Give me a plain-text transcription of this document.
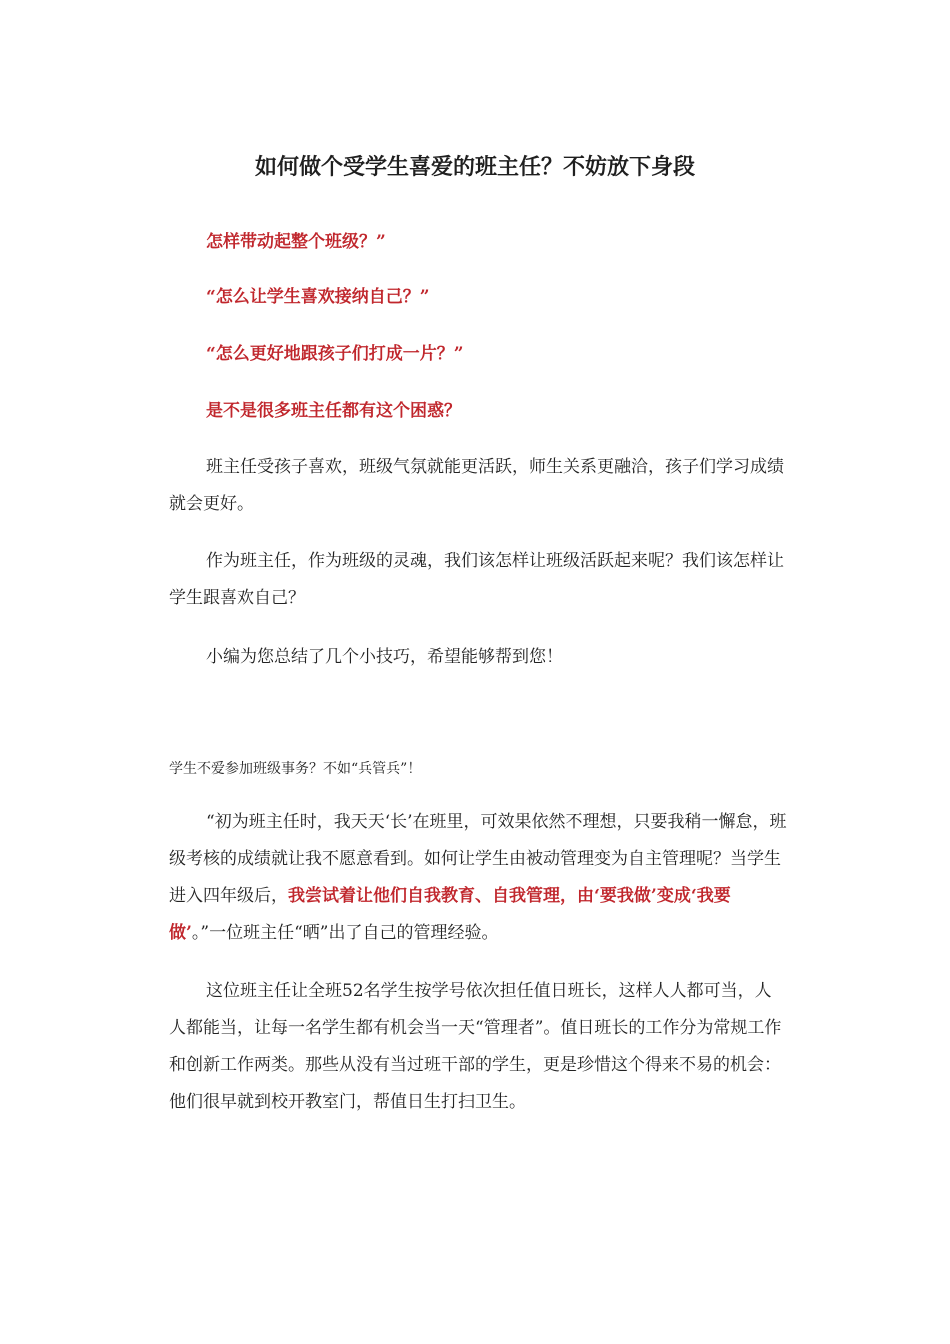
如何做个受学生喜爱的班主任？不妨放下身段
怎样带动起整个班级？”
“怎么让学生喜欢接纳自己？”
“怎么更好地跟孩子们打成一片？”
是不是很多班主任都有这个困惑？

班主任受孩子喜欢，班级气氛就能更活跃，师生关系更融洽，孩子们学习成绩就会更好。

作为班主任，作为班级的灵魂，我们该怎样让班级活跃起来呢？我们该怎样让学生跟喜欢自己？

小编为您总结了几个小技巧，希望能够帮到您！

学生不爱参加班级事务？不如“兵管兵”！

“初为班主任时，我天天‘长’在班里，可效果依然不理想，只要我稍一懈怠，班级考核的成绩就让我不愿意看到。如何让学生由被动管理变为自主管理呢？当学生进入四年级后，我尝试着让他们自我教育、自我管理，由‘要我做’变成‘我要做’。”一位班主任“晒”出了自己的管理经验。

这位班主任让全班52名学生按学号依次担任值日班长，这样人人都可当，人人都能当，让每一名学生都有机会当一天“管理者”。值日班长的工作分为常规工作和创新工作两类。那些从没有当过班干部的学生，更是珍惜这个得来不易的机会：他们很早就到校开教室门，帮值日生打扫卫生。
